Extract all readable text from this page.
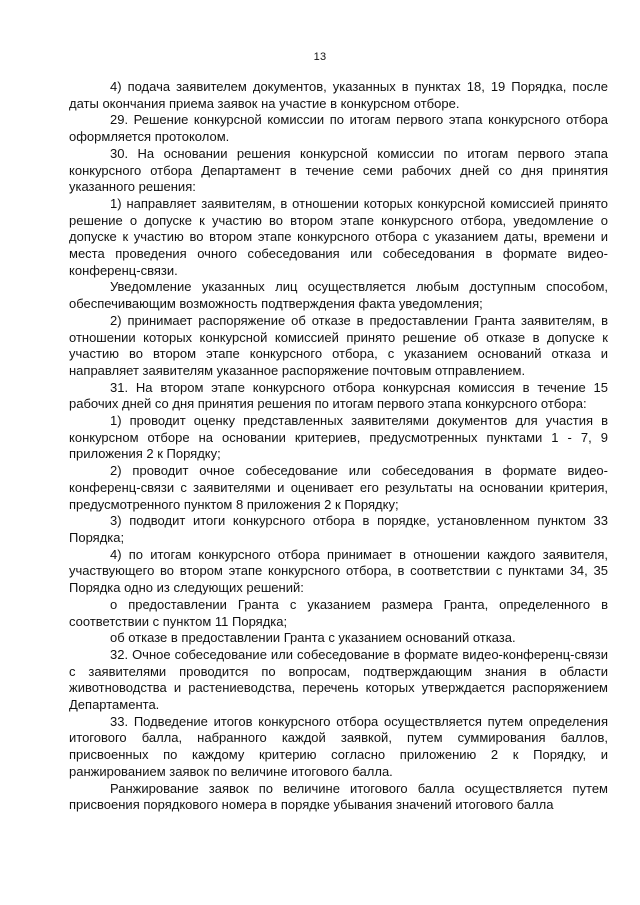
13

4) подача заявителем документов, указанных в пунктах 18, 19 Порядка, после даты окончания приема заявок на участие в конкурсном отборе.

29. Решение конкурсной комиссии по итогам первого этапа конкурсного отбора оформляется протоколом.

30. На основании решения конкурсной комиссии по итогам первого этапа конкурсного отбора Департамент в течение семи рабочих дней со дня принятия указанного решения:

1) направляет заявителям, в отношении которых конкурсной комиссией принято решение о допуске к участию во втором этапе конкурсного отбора, уведомление о допуске к участию во втором этапе конкурсного отбора с указанием даты, времени и места проведения очного собеседования или собеседования в формате видео-конференц-связи.

Уведомление указанных лиц осуществляется любым доступным способом, обеспечивающим возможность подтверждения факта уведомления;

2) принимает распоряжение об отказе в предоставлении Гранта заявителям, в отношении которых конкурсной комиссией принято решение об отказе в допуске к участию во втором этапе конкурсного отбора, с указанием оснований отказа и направляет заявителям указанное распоряжение почтовым отправлением.

31. На втором этапе конкурсного отбора конкурсная комиссия в течение 15 рабочих дней со дня принятия решения по итогам первого этапа конкурсного отбора:

1) проводит оценку представленных заявителями документов для участия в конкурсном отборе на основании критериев, предусмотренных пунктами 1 - 7, 9 приложения 2 к Порядку;

2) проводит очное собеседование или собеседования в формате видео-конференц-связи с заявителями и оценивает его результаты на основании критерия, предусмотренного пунктом 8 приложения 2 к Порядку;

3) подводит итоги конкурсного отбора в порядке, установленном пунктом 33 Порядка;

4) по итогам конкурсного отбора принимает в отношении каждого заявителя, участвующего во втором этапе конкурсного отбора, в соответствии с пунктами 34, 35 Порядка одно из следующих решений:

о предоставлении Гранта с указанием размера Гранта, определенного в соответствии с пунктом 11 Порядка;

об отказе в предоставлении Гранта с указанием оснований отказа.

32. Очное собеседование или собеседование в формате видео-конференц-связи с заявителями проводится по вопросам, подтверждающим знания в области животноводства и растениеводства, перечень которых утверждается распоряжением Департамента.

33. Подведение итогов конкурсного отбора осуществляется путем определения итогового балла, набранного каждой заявкой, путем суммирования баллов, присвоенных по каждому критерию согласно приложению 2 к Порядку, и ранжированием заявок по величине итогового балла.

Ранжирование заявок по величине итогового балла осуществляется путем присвоения порядкового номера в порядке убывания значений итогового балла
